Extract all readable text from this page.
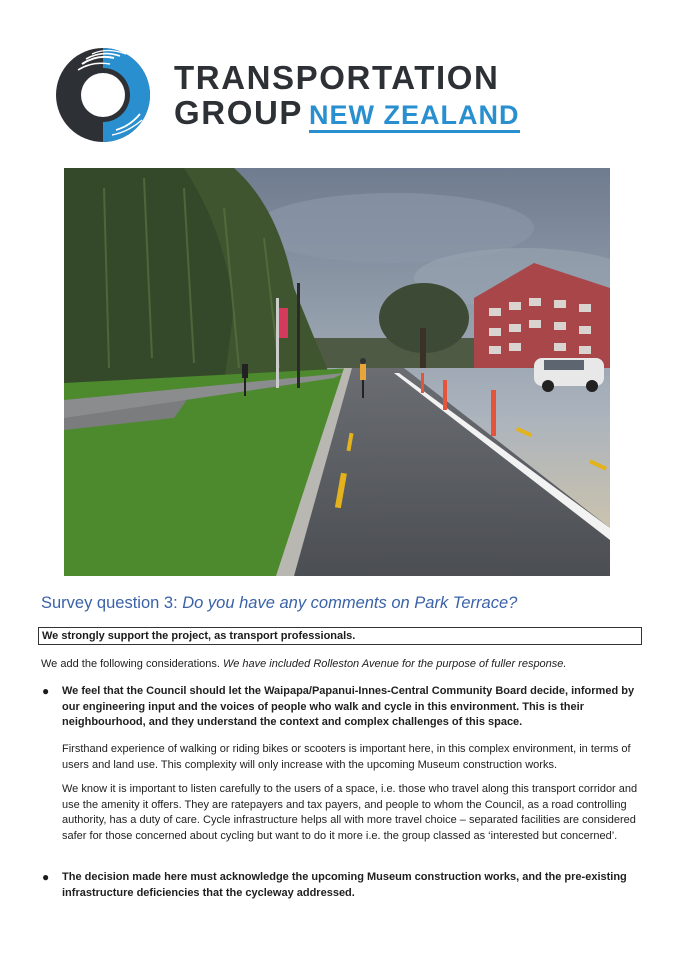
TRANSPORTATION
GROUP NEW ZEALAND
Survey question 3: Do you have any comments on Park Terrace?
We strongly support the project, as transport professionals.
We add the following considerations. We have included Rolleston Avenue for the purpose of fuller response.
● We feel that the Council should let the Waipapa/Papanui-Innes-Central Community Board decide, informed by our engineering input and the voices of people who walk and cycle in this environment. This is their neighbourhood, and they understand the context and complex challenges of this space.
Firsthand experience of walking or riding bikes or scooters is important here, in this complex environment, in terms of users and land use. This complexity will only increase with the upcoming Museum construction works.
We know it is important to listen carefully to the users of a space, i.e. those who travel along this transport corridor and use the amenity it offers. They are ratepayers and tax payers, and people to whom the Council, as a road controlling authority, has a duty of care. Cycle infrastructure helps all with more travel choice – separated facilities are considered safer for those concerned about cycling but want to do it more i.e. the group classed as ‘interested but concerned’.
● The decision made here must acknowledge the upcoming Museum construction works, and the pre-existing infrastructure deficiencies that the cycleway addressed.
